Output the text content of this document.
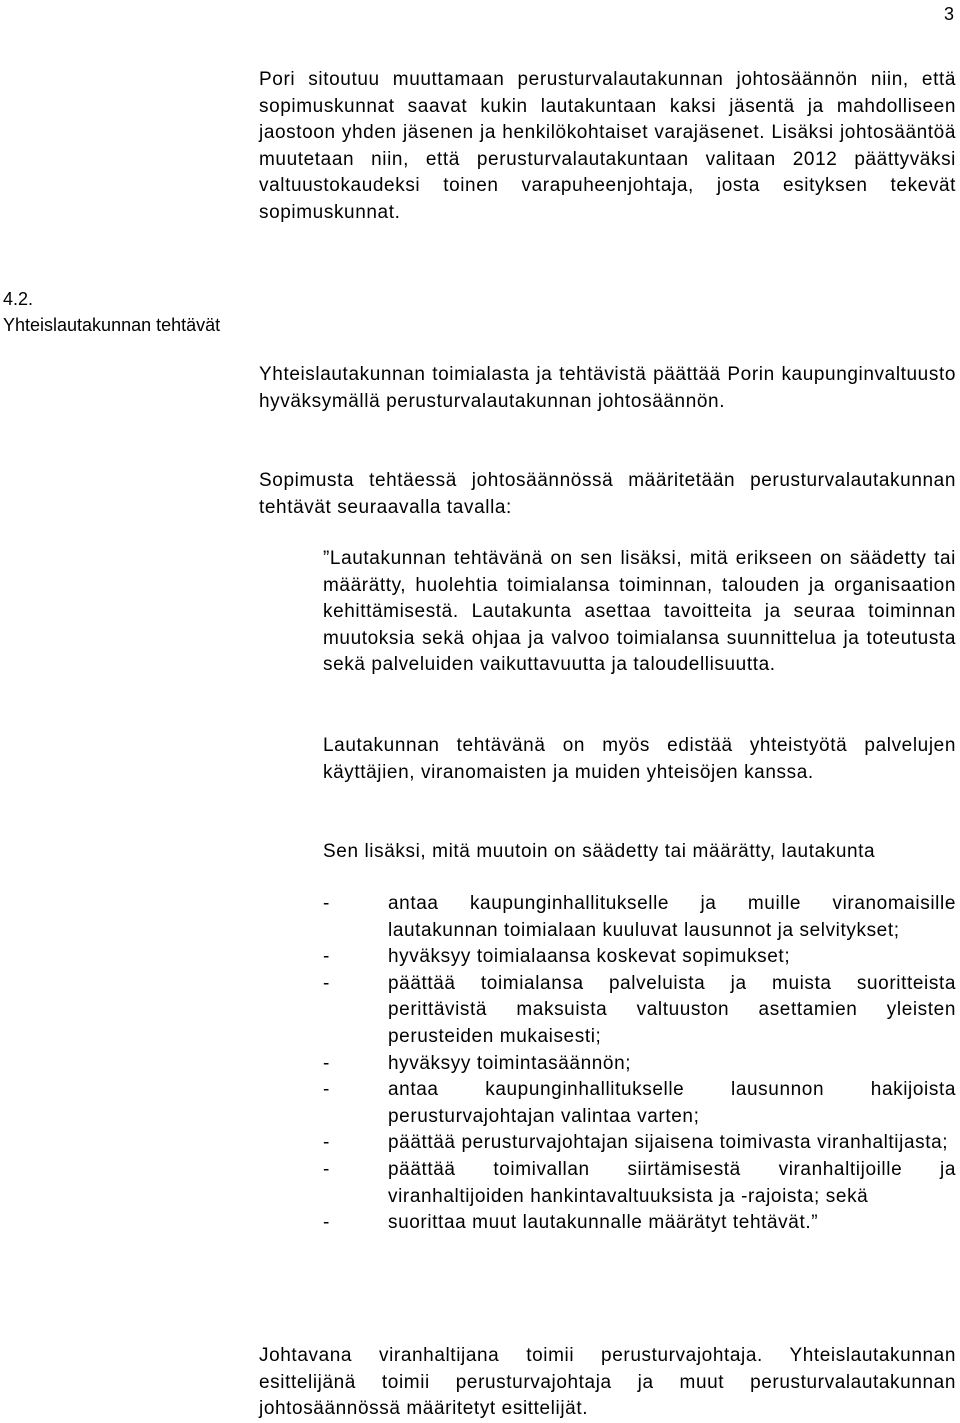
3
4.2.
Yhteislautakunnan tehtävät

Pori sitoutuu muuttamaan perusturvalautakunnan johtosäännön niin, että sopimuskunnat saavat kukin lautakuntaan kaksi jäsentä ja mahdolliseen jaostoon yhden jäsenen ja henkilökohtaiset varajäsenet. Lisäksi johtosääntöä muutetaan niin, että perusturvalautakuntaan valitaan 2012 päättyväksi valtuustokaudeksi toinen varapuheenjohtaja, josta esityksen tekevät sopimuskunnat.

Yhteislautakunnan toimialasta ja tehtävistä päättää Porin kaupunginvaltuusto hyväksymällä perusturvalautakunnan johtosäännön.

Sopimusta tehtäessä johtosäännössä määritetään perusturvalautakunnan tehtävät seuraavalla tavalla:

”Lautakunnan tehtävänä on sen lisäksi, mitä erikseen on säädetty tai määrätty, huolehtia toimialansa toiminnan, talouden ja organisaation kehittämisestä. Lautakunta asettaa tavoitteita ja seuraa toiminnan muutoksia sekä ohjaa ja valvoo toimialansa suunnittelua ja toteutusta sekä palveluiden vaikuttavuutta ja taloudellisuutta.

Lautakunnan tehtävänä on myös edistää yhteistyötä palvelujen käyttäjien, viranomaisten ja muiden yhteisöjen kanssa.

Sen lisäksi, mitä muutoin on säädetty tai määrätty, lautakunta

-	antaa kaupunginhallitukselle ja muille viranomaisille lautakunnan toimialaan kuuluvat lausunnot ja selvitykset;
-	hyväksyy toimialaansa koskevat sopimukset;
-	päättää toimialansa palveluista ja muista suoritteista perittävistä maksuista valtuuston asettamien yleisten perusteiden mukaisesti;
-	hyväksyy toimintasäännön;
-	antaa kaupunginhallitukselle lausunnon hakijoista perusturvajohtajan valintaa varten;
-	päättää perusturvajohtajan sijaisena toimivasta viranhaltijasta;
-	päättää toimivallan siirtämisestä viranhaltijoille ja viranhaltijoiden hankintavaltuuksista ja -rajoista; sekä
-	suorittaa muut lautakunnalle määrätyt tehtävät.”

Johtavana viranhaltijana toimii perusturvajohtaja. Yhteislautakunnan esittelijänä toimii perusturvajohtaja ja muut perusturvalautakunnan johtosäännössä määritetyt esittelijät.
